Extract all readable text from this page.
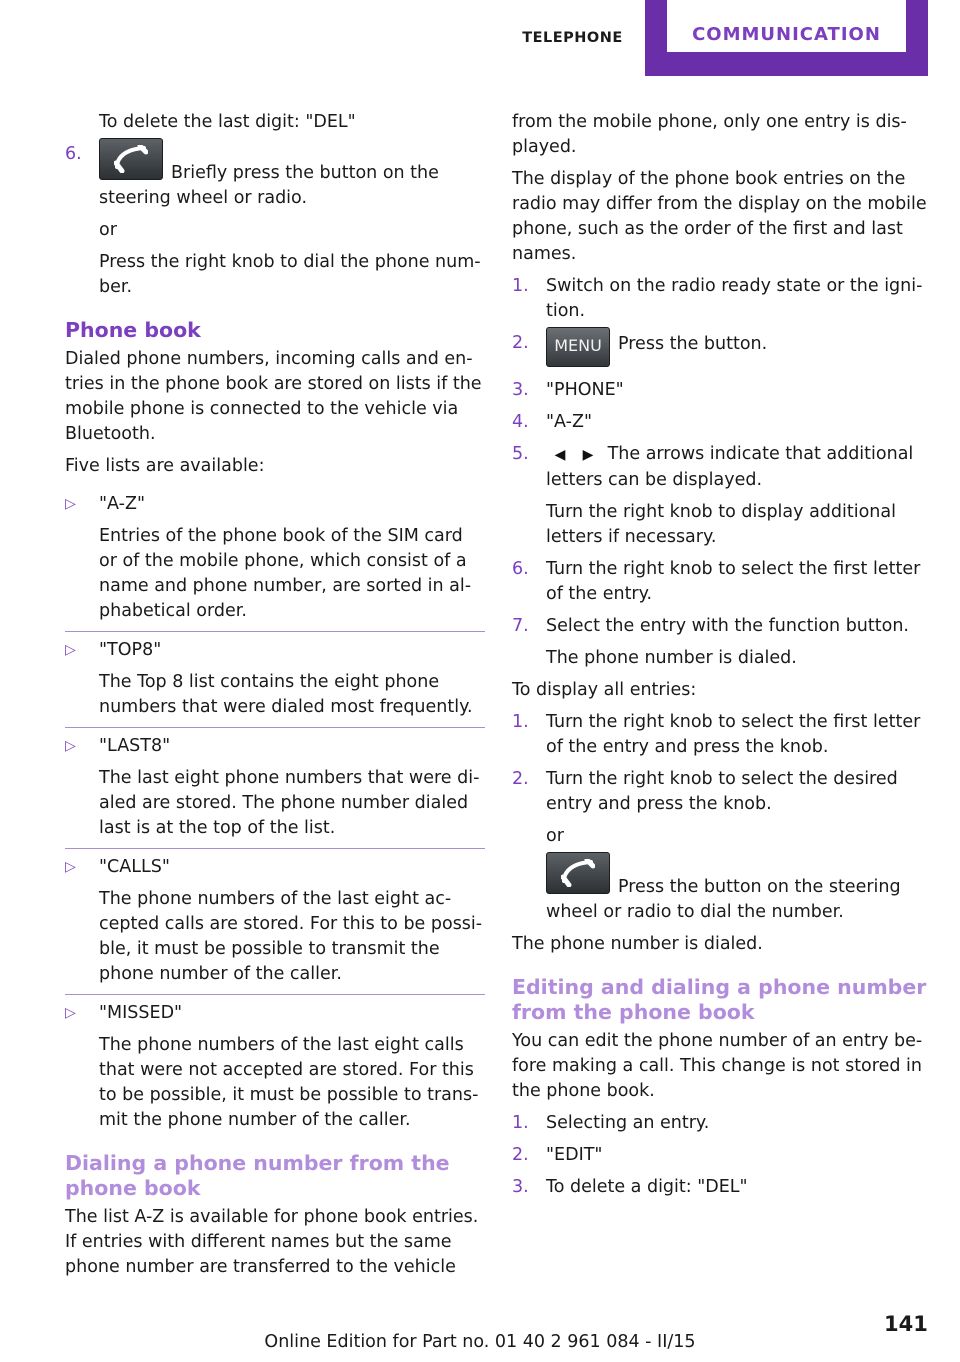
TELEPHONE	COMMUNICATION

To delete the last digit: "DEL"

6.

Briefly press the button on the steering wheel or radio.

or

Press the right knob to dial the phone num‐ber.

Phone book

Dialed phone numbers, incoming calls and en‐tries in the phone book are stored on lists if the mobile phone is connected to the vehicle via Bluetooth.

Five lists are available:

▷ "A-Z"

Entries of the phone book of the SIM card or of the mobile phone, which consist of a name and phone number, are sorted in al‐phabetical order.

▷ "TOP8"

The Top 8 list contains the eight phone numbers that were dialed most frequently.

▷ "LAST8"

The last eight phone numbers that were di‐aled are stored. The phone number dialed last is at the top of the list.

▷ "CALLS"

The phone numbers of the last eight ac‐cepted calls are stored. For this to be possi‐ble, it must be possible to transmit the phone number of the caller.

▷ "MISSED"

The phone numbers of the last eight calls that were not accepted are stored. For this to be possible, it must be possible to trans‐mit the phone number of the caller.

Dialing a phone number from the phone book

The list A-Z is available for phone book entries. If entries with different names but the same phone number are transferred to the vehicle

from the mobile phone, only one entry is dis‐played.

The display of the phone book entries on the radio may differ from the display on the mobile phone, such as the order of the first and last names.

1. Switch on the radio ready state or the igni‐tion.

2.	MENU Press the button.

3. "PHONE"

4. "A-Z"

5.	◀ ▶ The arrows indicate that additional letters can be displayed.

Turn the right knob to display additional letters if necessary.

6. Turn the right knob to select the first letter of the entry.

7. Select the entry with the function button.

The phone number is dialed.

To display all entries:

1. Turn the right knob to select the first letter of the entry and press the knob.

2. Turn the right knob to select the desired entry and press the knob.

or

Press the button on the steering wheel or radio to dial the number.

The phone number is dialed.

Editing and dialing a phone number from the phone book

You can edit the phone number of an entry be‐fore making a call. This change is not stored in the phone book.

1. Selecting an entry.

2. "EDIT"

3. To delete a digit: "DEL"

141
Online Edition for Part no. 01 40 2 961 084 - II/15
